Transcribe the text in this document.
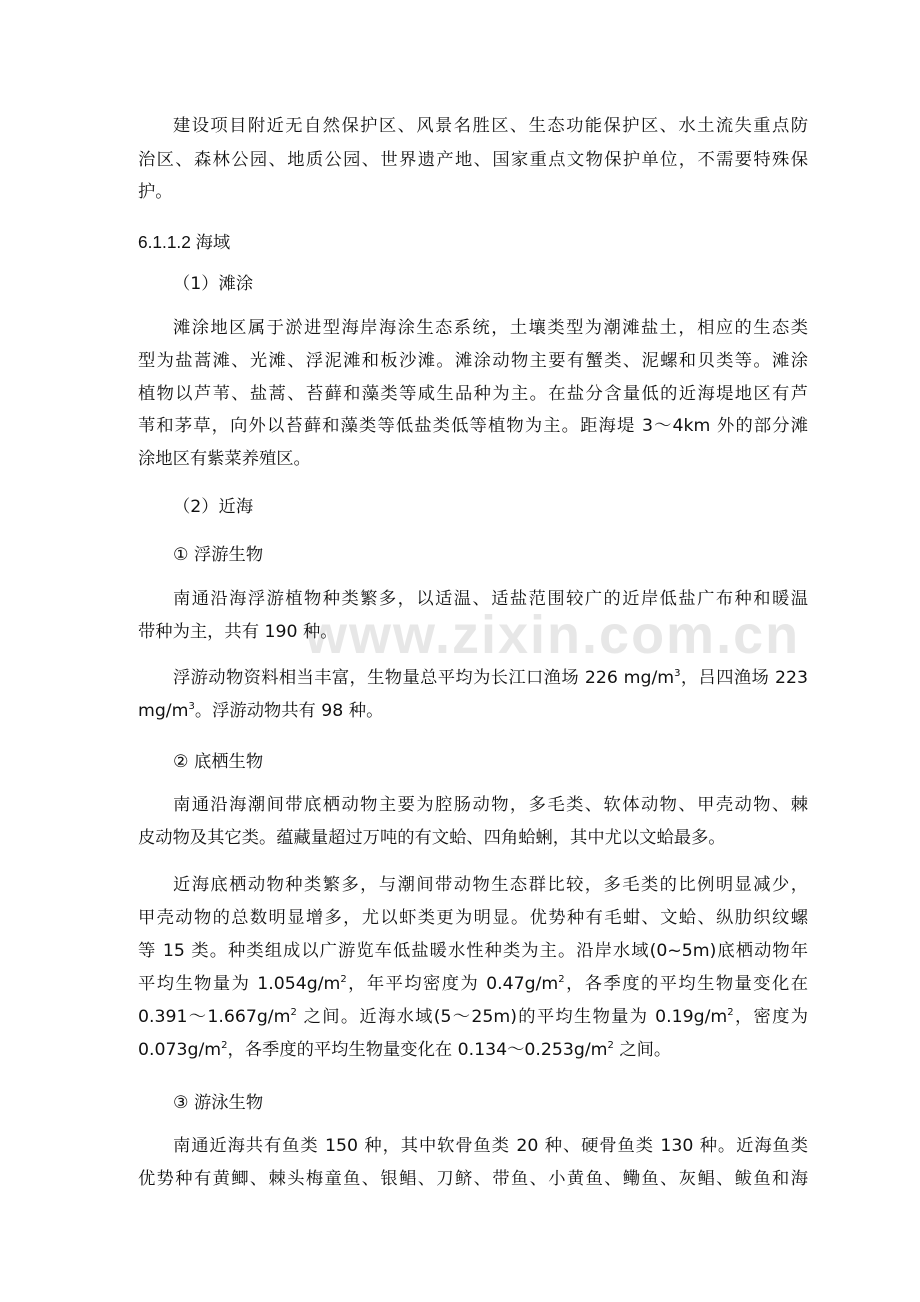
www.zixin.com.cn
建设项目附近无自然保护区、风景名胜区、生态功能保护区、水土流失重点防
治区、森林公园、地质公园、世界遗产地、国家重点文物保护单位，不需要特殊保
护。
6.1.1.2 海域
（1）滩涂
滩涂地区属于淤进型海岸海涂生态系统，土壤类型为潮滩盐土，相应的生态类
型为盐蒿滩、光滩、浮泥滩和板沙滩。滩涂动物主要有蟹类、泥螺和贝类等。滩涂
植物以芦苇、盐蒿、苔藓和藻类等咸生品种为主。在盐分含量低的近海堤地区有芦
苇和茅草，向外以苔藓和藻类等低盐类低等植物为主。距海堤 3～4km 外的部分滩
涂地区有紫菜养殖区。
（2）近海
① 浮游生物
南通沿海浮游植物种类繁多，以适温、适盐范围较广的近岸低盐广布种和暖温
带种为主，共有 190 种。
浮游动物资料相当丰富，生物量总平均为长江口渔场 226 $mg/m^3$，吕四渔场 223
$mg/m^3$。浮游动物共有 98 种。
② 底栖生物
南通沿海潮间带底栖动物主要为腔肠动物，多毛类、软体动物、甲壳动物、棘
皮动物及其它类。蕴藏量超过万吨的有文蛤、四角蛤蜊，其中尤以文蛤最多。
近海底栖动物种类繁多，与潮间带动物生态群比较，多毛类的比例明显减少，
甲壳动物的总数明显增多，尤以虾类更为明显。优势种有毛蚶、文蛤、纵肋织纹螺
等 15 类。种类组成以广游览车低盐暖水性种类为主。沿岸水域(0~5m)底栖动物年
平均生物量为 $1.054g/m^2$，年平均密度为 $0.47g/m^2$，各季度的平均生物量变化在
$0.391\sim 1.667g/m^2$ 之间。近海水域(5～25m)的平均生物量为 $0.19g/m^2$，密度为
$0.073g/m^2$，各季度的平均生物量变化在 $0.134\sim 0.253g/m^2$ 之间。
③ 游泳生物
南通近海共有鱼类 150 种，其中软骨鱼类 20 种、硬骨鱼类 130 种。近海鱼类
优势种有黄鲫、棘头梅童鱼、银鲳、刀鲚、带鱼、小黄鱼、鳓鱼、灰鲳、鲅鱼和海
